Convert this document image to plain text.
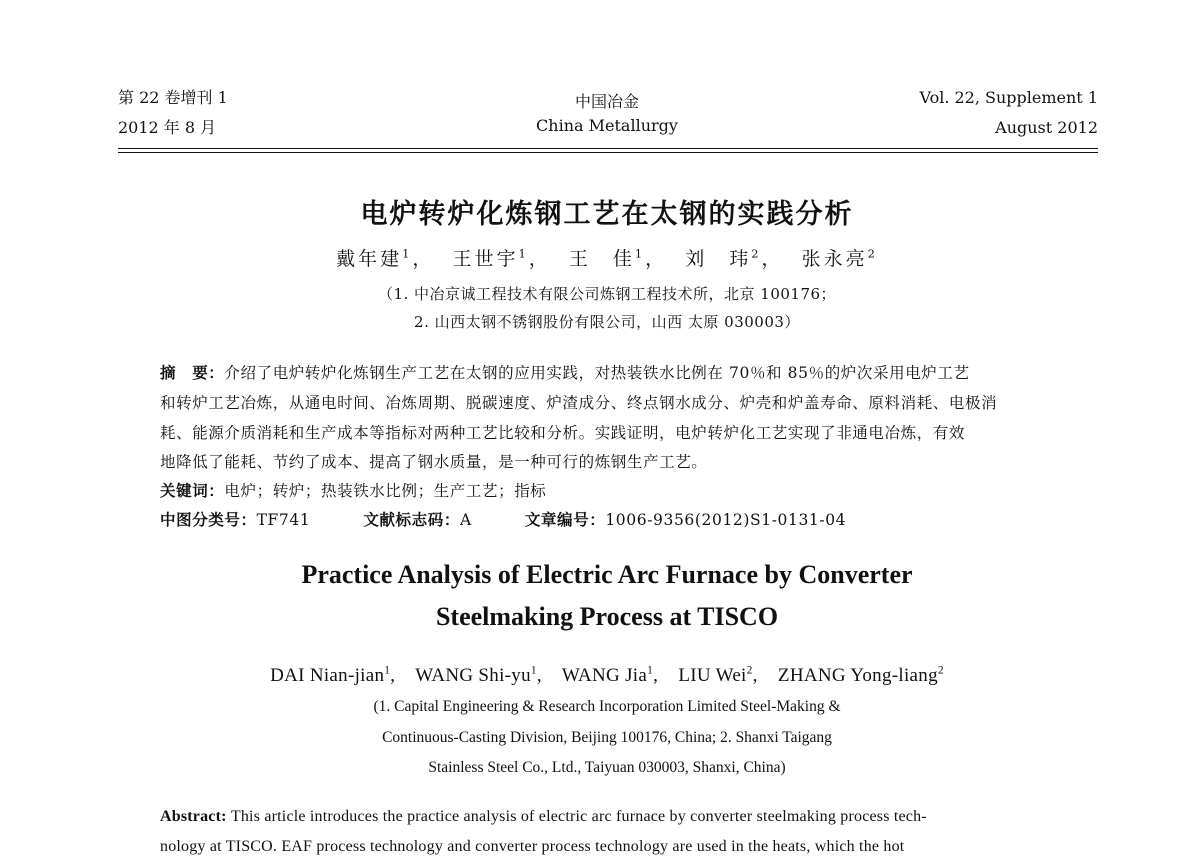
第 22 卷增刊 1
2012 年 8 月
中国冶金
China Metallurgy
Vol. 22, Supplement 1
August 2012
电炉转炉化炼钢工艺在太钢的实践分析
戴年建$^1$， 王世宇$^1$， 王　佳$^1$， 刘　玮$^2$， 张永亮$^2$
（1. 中冶京诚工程技术有限公司炼钢工程技术所，北京 100176；
2. 山西太钢不锈钢股份有限公司，山西 太原 030003）
摘　要：介绍了电炉转炉化炼钢生产工艺在太钢的应用实践，对热装铁水比例在 70％和 85％的炉次采用电炉工艺
和转炉工艺冶炼，从通电时间、冶炼周期、脱碳速度、炉渣成分、终点钢水成分、炉壳和炉盖寿命、原料消耗、电极消
耗、能源介质消耗和生产成本等指标对两种工艺比较和分析。实践证明，电炉转炉化工艺实现了非通电冶炼，有效
地降低了能耗、节约了成本、提高了钢水质量，是一种可行的炼钢生产工艺。
关键词：电炉；转炉；热装铁水比例；生产工艺；指标
中图分类号：TF741	文献标志码：A	文章编号：1006-9356(2012)S1-0131-04
Practice Analysis of Electric Arc Furnace by Converter
Steelmaking Process at TISCO
DAI Nian-jian$^1$, WANG Shi-$yu^1$, WANG Jia$^1$, LIU Wei$^2$, ZHANG Yong-liang$^2$
(1. Capital Engineering & Research Incorporation Limited Steel-Making &
Continuous-Casting Division, Beijing 100176, China; 2. Shanxi Taigang
Stainless Steel Co., Ltd., Taiyuan 030003, Shanxi, China)
Abstract: This article introduces the practice analysis of electric arc furnace by converter steelmaking process tech-
nology at TISCO. EAF process technology and converter process technology are used in the heats, which the hot
